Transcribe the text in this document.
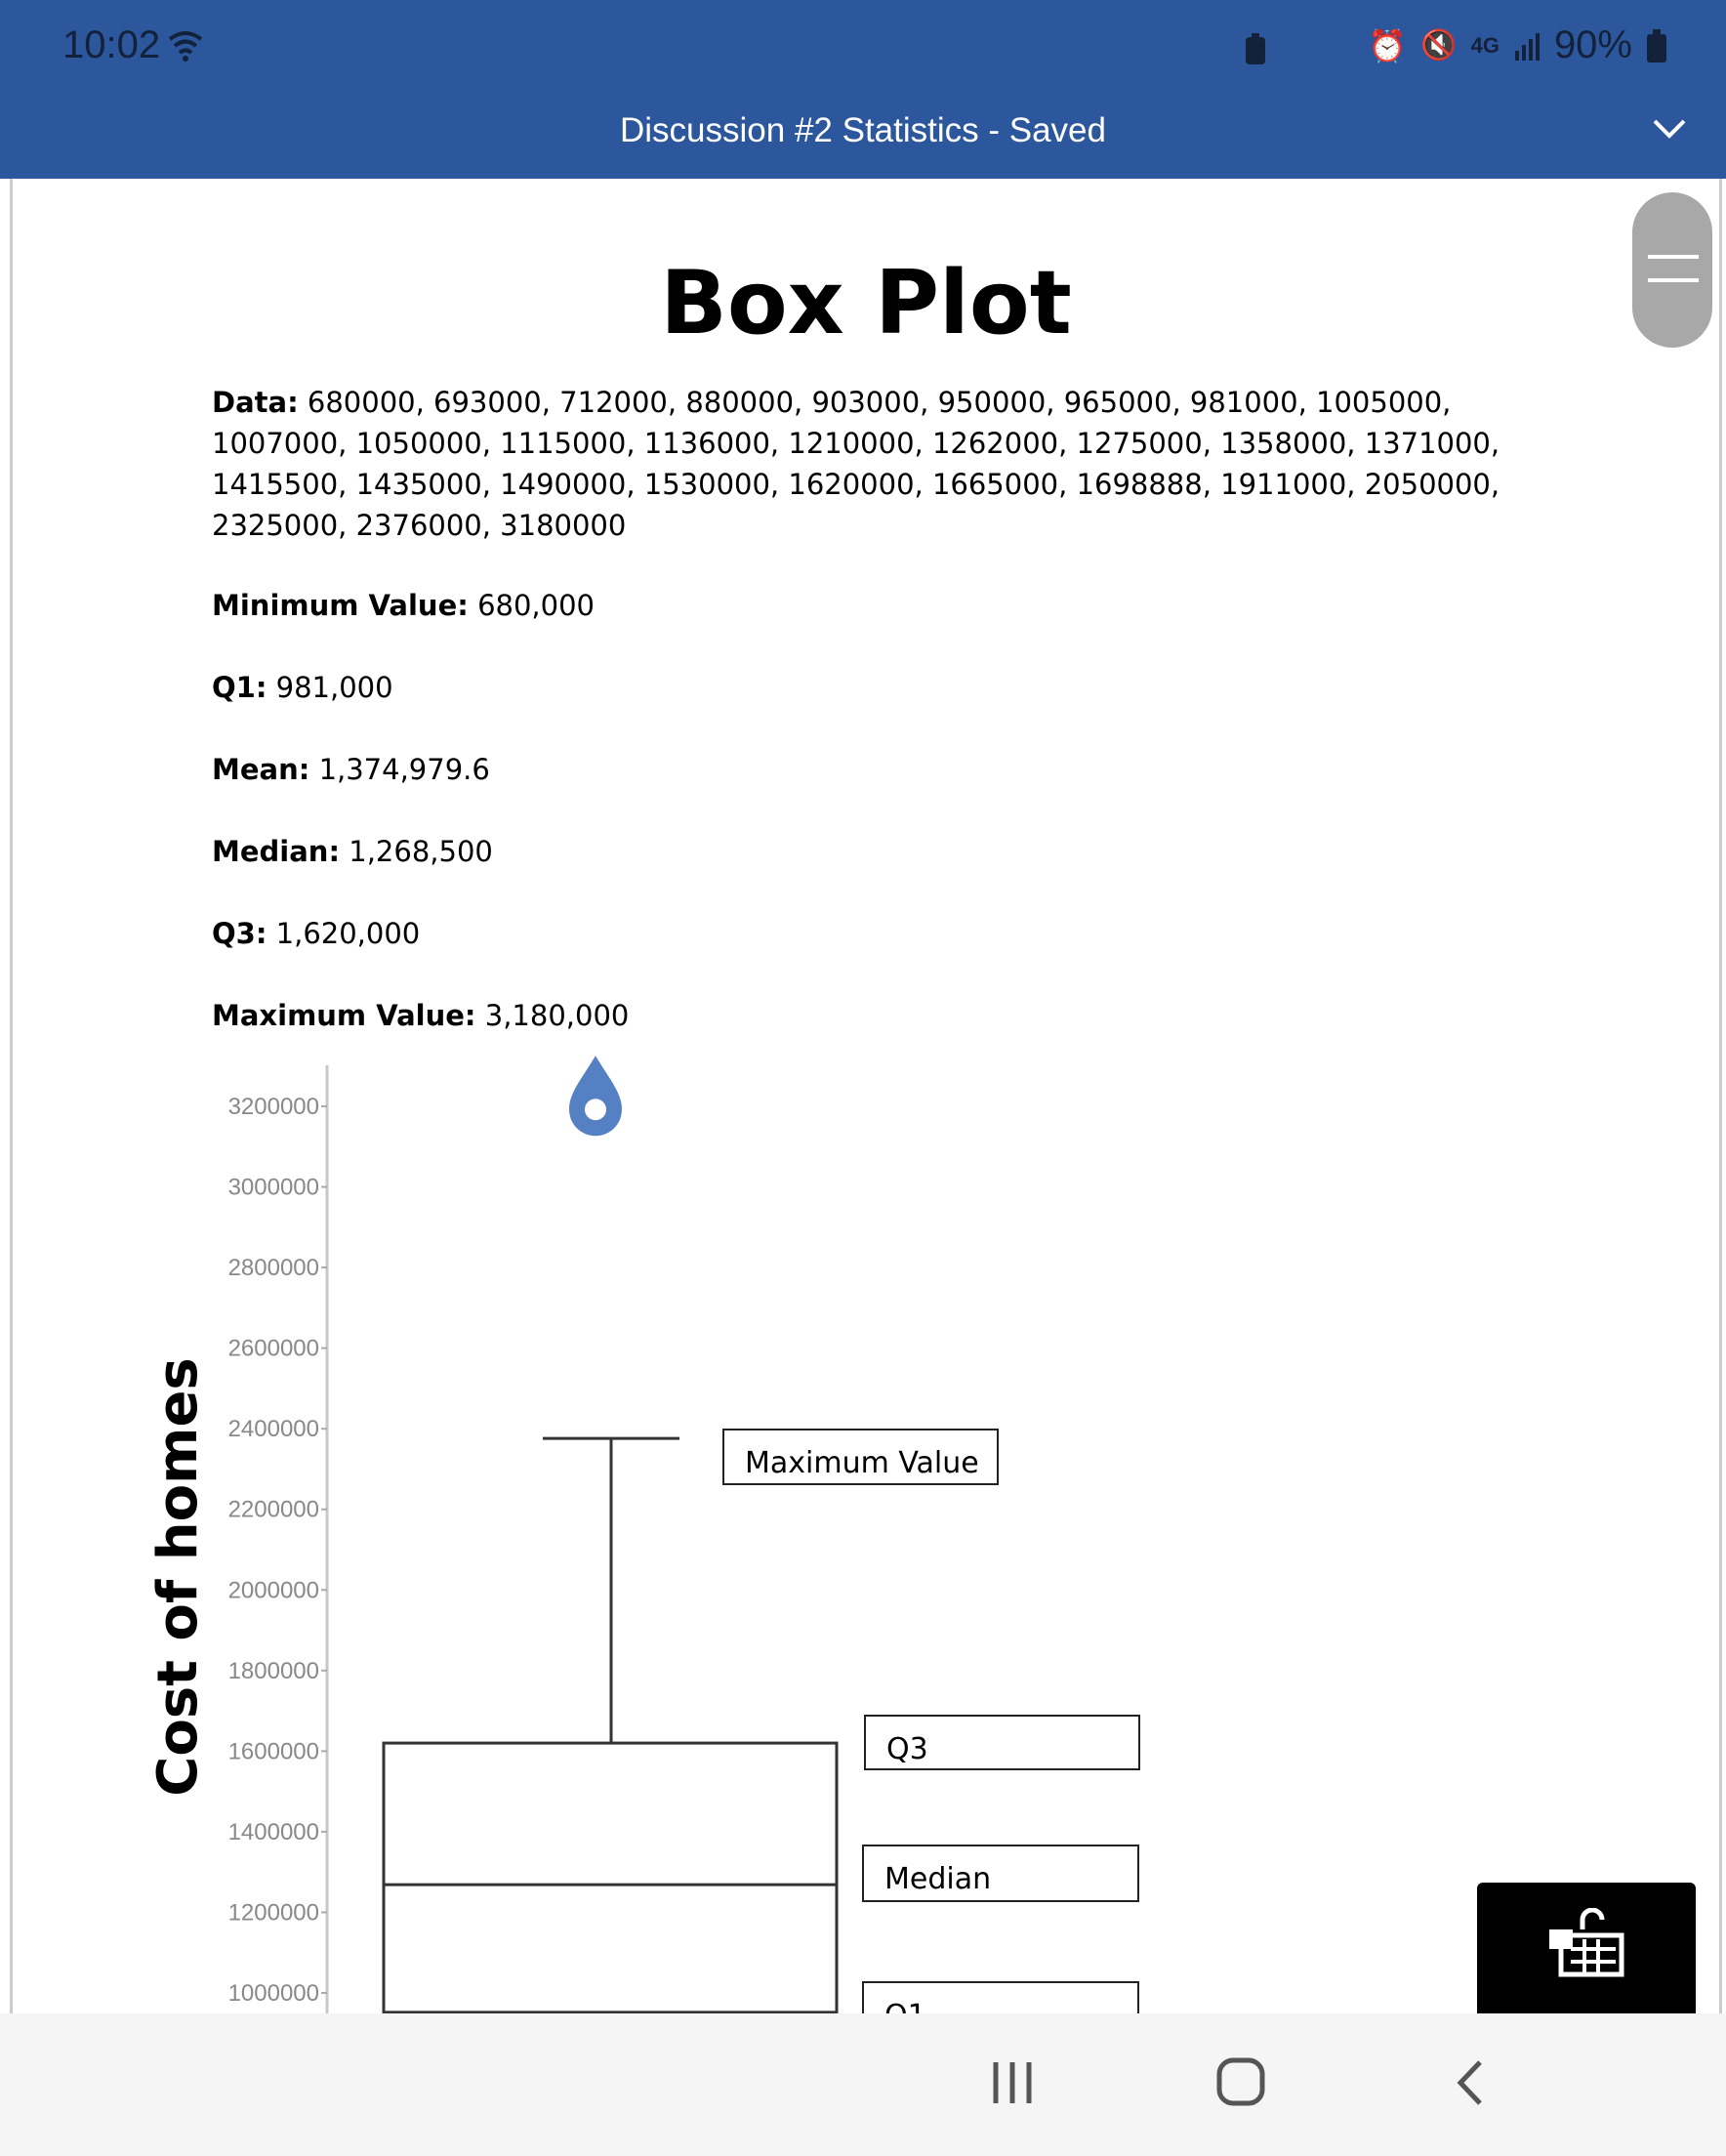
10:02	⏰ 🔇 4G 90%
Discussion #2 Statistics - Saved
Box Plot
Data: 680000, 693000, 712000, 880000, 903000, 950000, 965000, 981000, 1005000, 1007000, 1050000, 1115000, 1136000, 1210000, 1262000, 1275000, 1358000, 1371000, 1415500, 1435000, 1490000, 1530000, 1620000, 1665000, 1698888, 1911000, 2050000, 2325000, 2376000, 3180000
Minimum Value: 680,000
Q1: 981,000
Mean: 1,374,979.6
Median: 1,268,500
Q3: 1,620,000
Maximum Value: 3,180,000
3200000
3000000
2800000
2600000
2400000
2200000
2000000
1800000
1600000
1400000
1200000
1000000
Cost of homes	Maximum Value
Q3
Median
